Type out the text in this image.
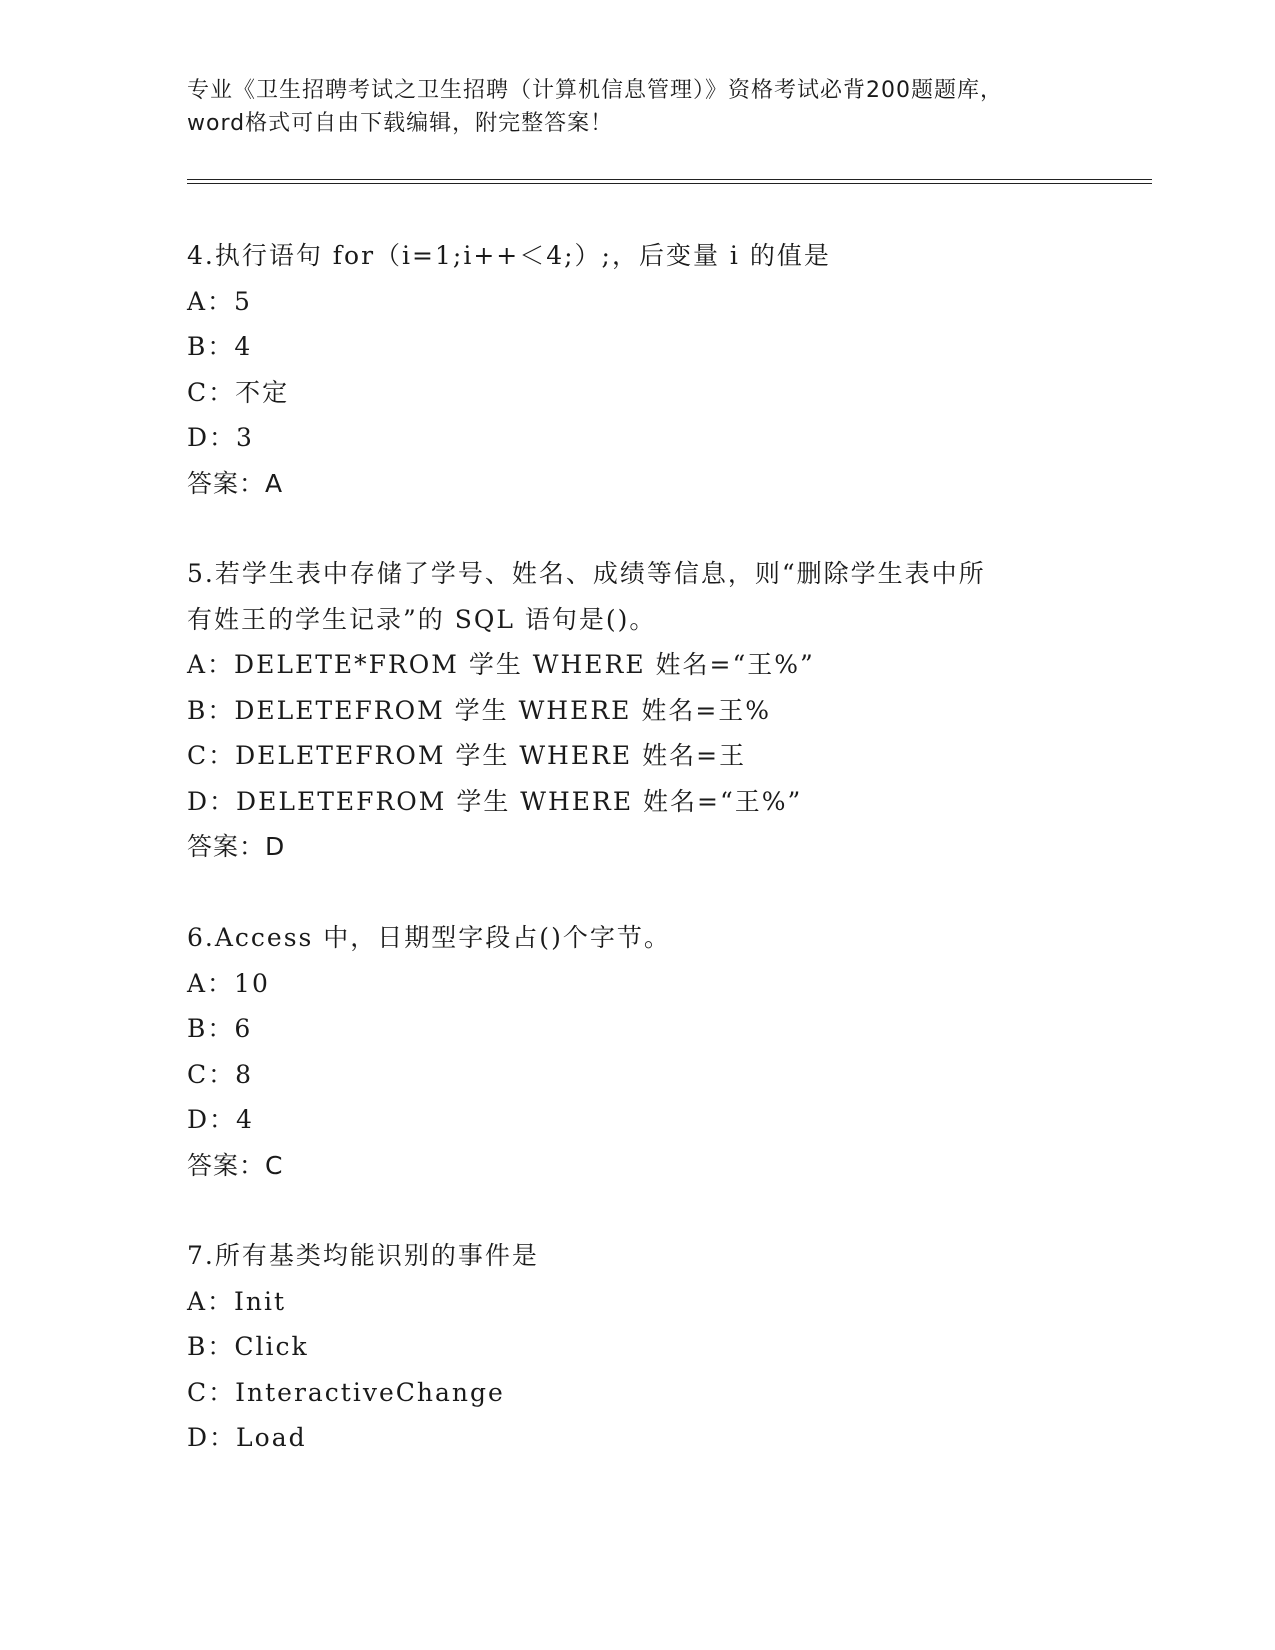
专业《卫生招聘考试之卫生招聘（计算机信息管理）》资格考试必背200题题库，
word格式可自由下载编辑，附完整答案！
4.执行语句 for（i=1;i++＜4;）;，后变量 i 的值是
A：5
B：4
C：不定
D：3
答案：A
5.若学生表中存储了学号、姓名、成绩等信息，则“删除学生表中所
有姓王的学生记录”的 SQL 语句是()。
A：DELETE*FROM 学生 WHERE 姓名=“王%”
B：DELETEFROM 学生 WHERE 姓名=王%
C：DELETEFROM 学生 WHERE 姓名=王
D：DELETEFROM 学生 WHERE 姓名=“王%”
答案：D
6.Access 中，日期型字段占()个字节。
A：10
B：6
C：8
D：4
答案：C
7.所有基类均能识别的事件是
A：Init
B：Click
C：InteractiveChange
D：Load
